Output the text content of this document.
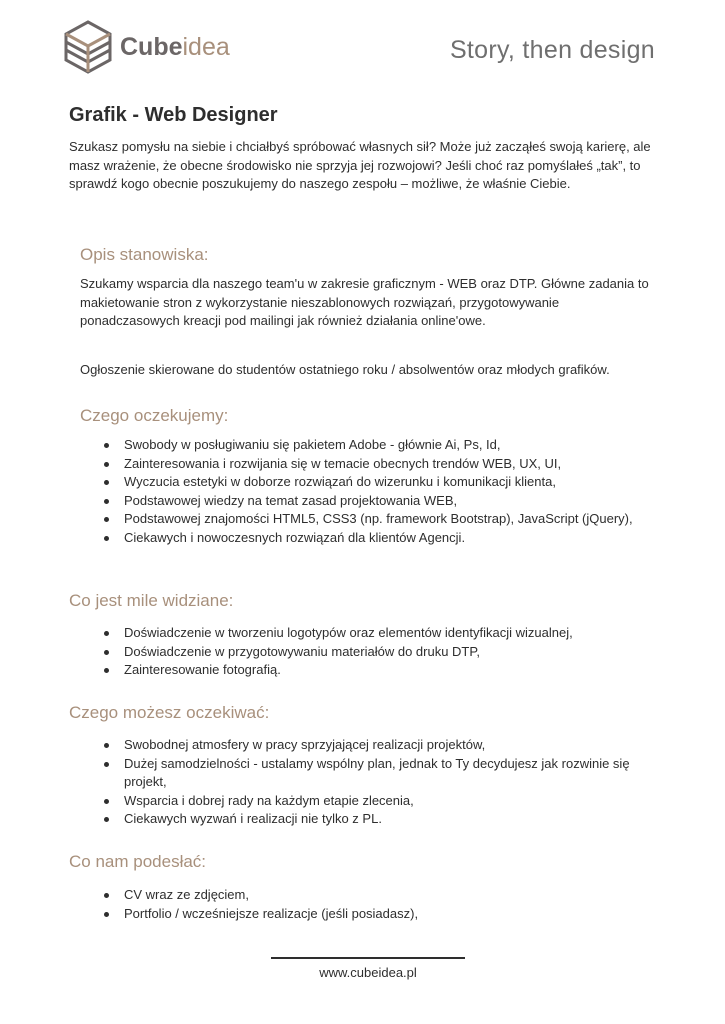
Cubeidea	Story, then design
Grafik - Web Designer

Szukasz pomysłu na siebie i chciałbyś spróbować własnych sił? Może już zacząłeś swoją karierę, ale masz wrażenie, że obecne środowisko nie sprzyja jej rozwojowi? Jeśli choć raz pomyślałeś „tak”, to sprawdź kogo obecnie poszukujemy do naszego zespołu – możliwe, że właśnie Ciebie.

Opis stanowiska:

Szukamy wsparcia dla naszego team'u w zakresie graficznym - WEB oraz DTP. Główne zadania to makietowanie stron z wykorzystanie nieszablonowych rozwiązań, przygotowywanie ponadczasowych kreacji pod mailingi jak również działania online'owe.

Ogłoszenie skierowane do studentów ostatniego roku / absolwentów oraz młodych grafików.

Czego oczekujemy:
Swobody w posługiwaniu się pakietem Adobe - głównie Ai, Ps, Id,
Zainteresowania i rozwijania się w temacie obecnych trendów WEB, UX, UI,
Wyczucia estetyki w doborze rozwiązań do wizerunku i komunikacji klienta,
Podstawowej wiedzy na temat zasad projektowania WEB,
Podstawowej znajomości HTML5, CSS3 (np. framework Bootstrap), JavaScript (jQuery),
Ciekawych i nowoczesnych rozwiązań dla klientów Agencji.
Co jest mile widziane:
Doświadczenie w tworzeniu logotypów oraz elementów identyfikacji wizualnej,
Doświadczenie w przygotowywaniu materiałów do druku DTP,
Zainteresowanie fotografią.
Czego możesz oczekiwać:
Swobodnej atmosfery w pracy sprzyjającej realizacji projektów,
Dużej samodzielności - ustalamy wspólny plan, jednak to Ty decydujesz jak rozwinie się projekt,
Wsparcia i dobrej rady na każdym etapie zlecenia,
Ciekawych wyzwań i realizacji nie tylko z PL.
Co nam podesłać:
CV wraz ze zdjęciem,
Portfolio / wcześniejsze realizacje (jeśli posiadasz),
www.cubeidea.pl
